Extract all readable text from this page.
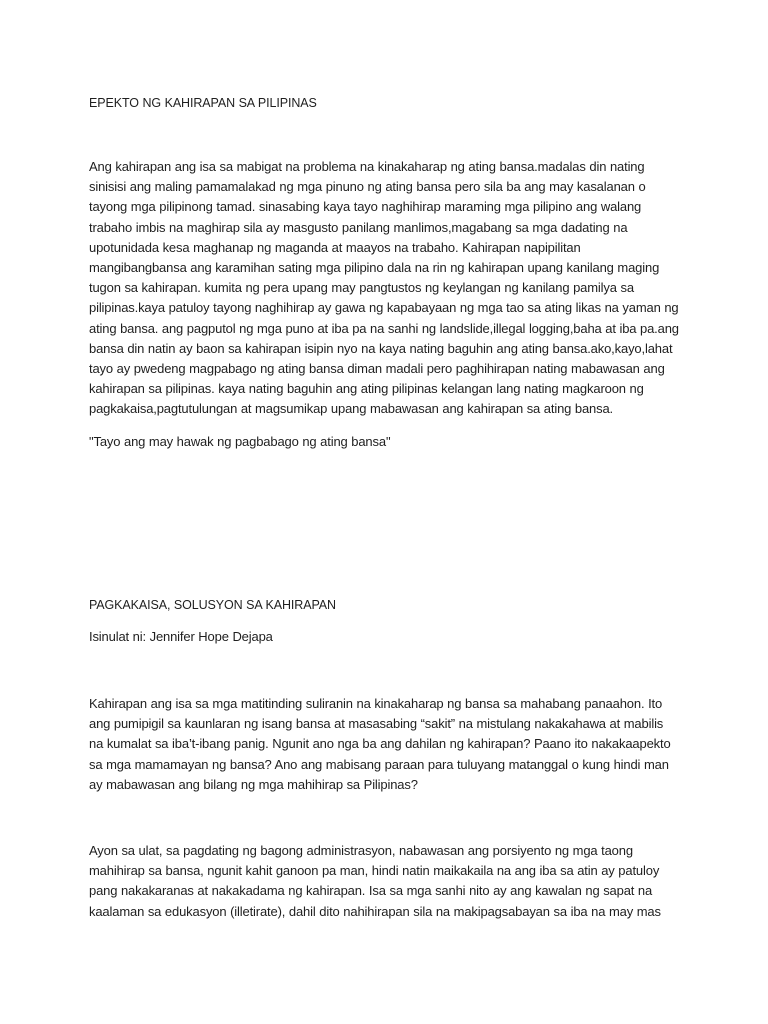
EPEKTO NG KAHIRAPAN SA PILIPINAS

Ang kahirapan ang isa sa mabigat na problema na kinakaharap ng ating bansa.madalas din nating sinisisi ang maling pamamalakad ng mga pinuno ng ating bansa pero sila ba ang may kasalanan o tayong mga pilipinong tamad. sinasabing kaya tayo naghihirap maraming mga pilipino ang walang trabaho imbis na maghirap sila ay masgusto panilang manlimos,magabang sa mga dadating na upotunidada kesa maghanap ng maganda at maayos na trabaho. Kahirapan napipilitan mangibangbansa ang karamihan sating mga pilipino dala na rin ng kahirapan upang kanilang maging tugon sa kahirapan. kumita ng pera upang may pangtustos ng keylangan ng kanilang pamilya sa pilipinas.kaya patuloy tayong naghihirap ay gawa ng kapabayaan ng mga tao sa ating likas na yaman ng ating bansa. ang pagputol ng mga puno at iba pa na sanhi ng landslide,illegal logging,baha at iba pa.ang bansa din natin ay baon sa kahirapan isipin nyo na kaya nating baguhin ang ating bansa.ako,kayo,lahat tayo ay pwedeng magpabago ng ating bansa diman madali pero paghihirapan nating mabawasan ang kahirapan sa pilipinas. kaya nating baguhin ang ating pilipinas kelangan lang nating magkaroon ng pagkakaisa,pagtutulungan at magsumikap upang mabawasan ang kahirapan sa ating bansa.

"Tayo ang may hawak ng pagbabago ng ating bansa"

PAGKAKAISA, SOLUSYON SA KAHIRAPAN

Isinulat ni: Jennifer Hope Dejapa

Kahirapan ang isa sa mga matitinding suliranin na kinakaharap ng bansa sa mahabang panaahon. Ito ang pumipigil sa kaunlaran ng isang bansa at masasabing “sakit” na mistulang nakakahawa at mabilis na kumalat sa iba’t-ibang panig. Ngunit ano nga ba ang dahilan ng kahirapan? Paano ito nakakaapekto sa mga mamamayan ng bansa? Ano ang mabisang paraan para tuluyang matanggal o kung hindi man ay mabawasan ang bilang ng mga mahihirap sa Pilipinas?

Ayon sa ulat, sa pagdating ng bagong administrasyon, nabawasan ang porsiyento ng mga taong mahihirap sa bansa, ngunit kahit ganoon pa man, hindi natin maikakaila na ang iba sa atin ay patuloy pang nakakaranas at nakakadama ng kahirapan. Isa sa mga sanhi nito ay ang kawalan ng sapat na kaalaman sa edukasyon (illetirate), dahil dito nahihirapan sila na makipagsabayan sa iba na may mas
